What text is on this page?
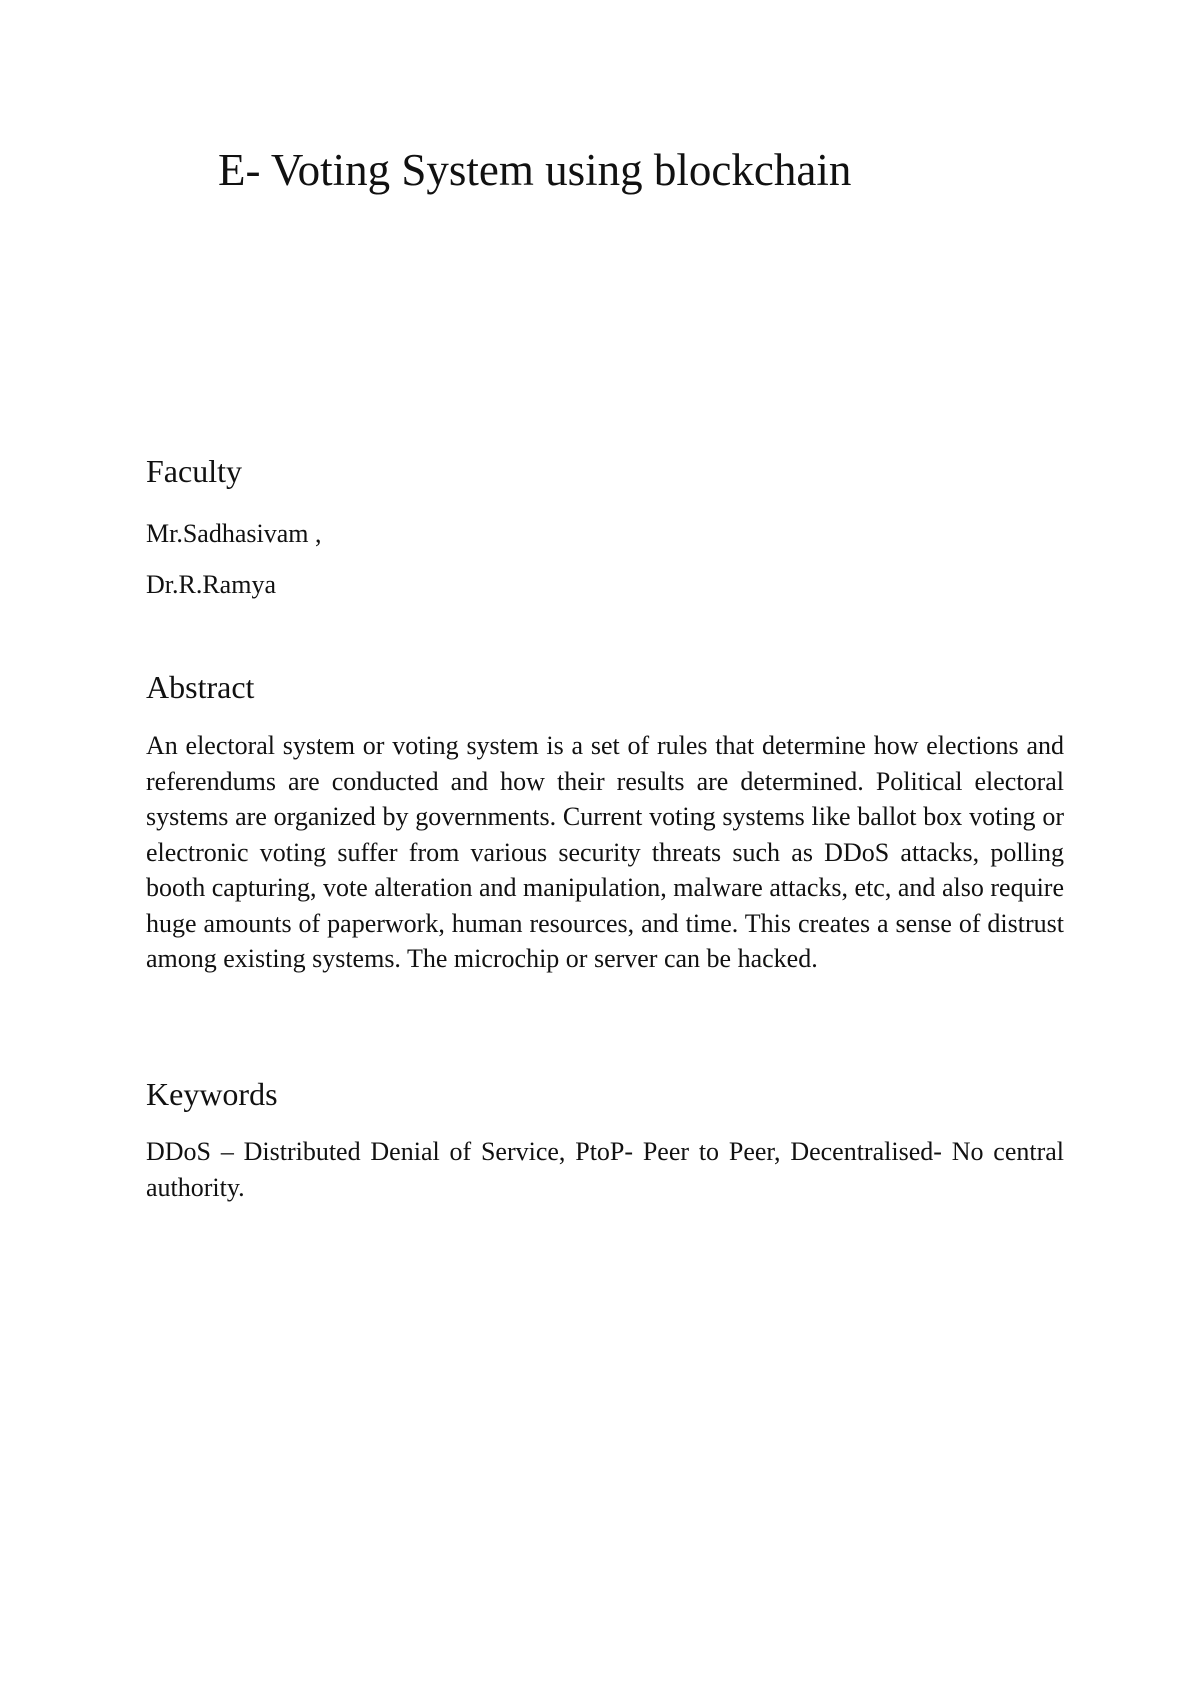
E- Voting System using blockchain
Faculty

Mr.Sadhasivam ,

Dr.R.Ramya

Abstract

An electoral system or voting system is a set of rules that determine how elections and referendums are conducted and how their results are determined. Political electoral systems are organized by governments. Current voting systems like ballot box voting or electronic voting suffer from various security threats such as DDoS attacks, polling booth capturing, vote alteration and manipulation, malware attacks, etc, and also require huge amounts of paperwork, human resources, and time. This creates a sense of distrust among existing systems. The microchip or server can be hacked.

Keywords

DDoS – Distributed Denial of Service, PtoP- Peer to Peer, Decentralised- No central authority.
